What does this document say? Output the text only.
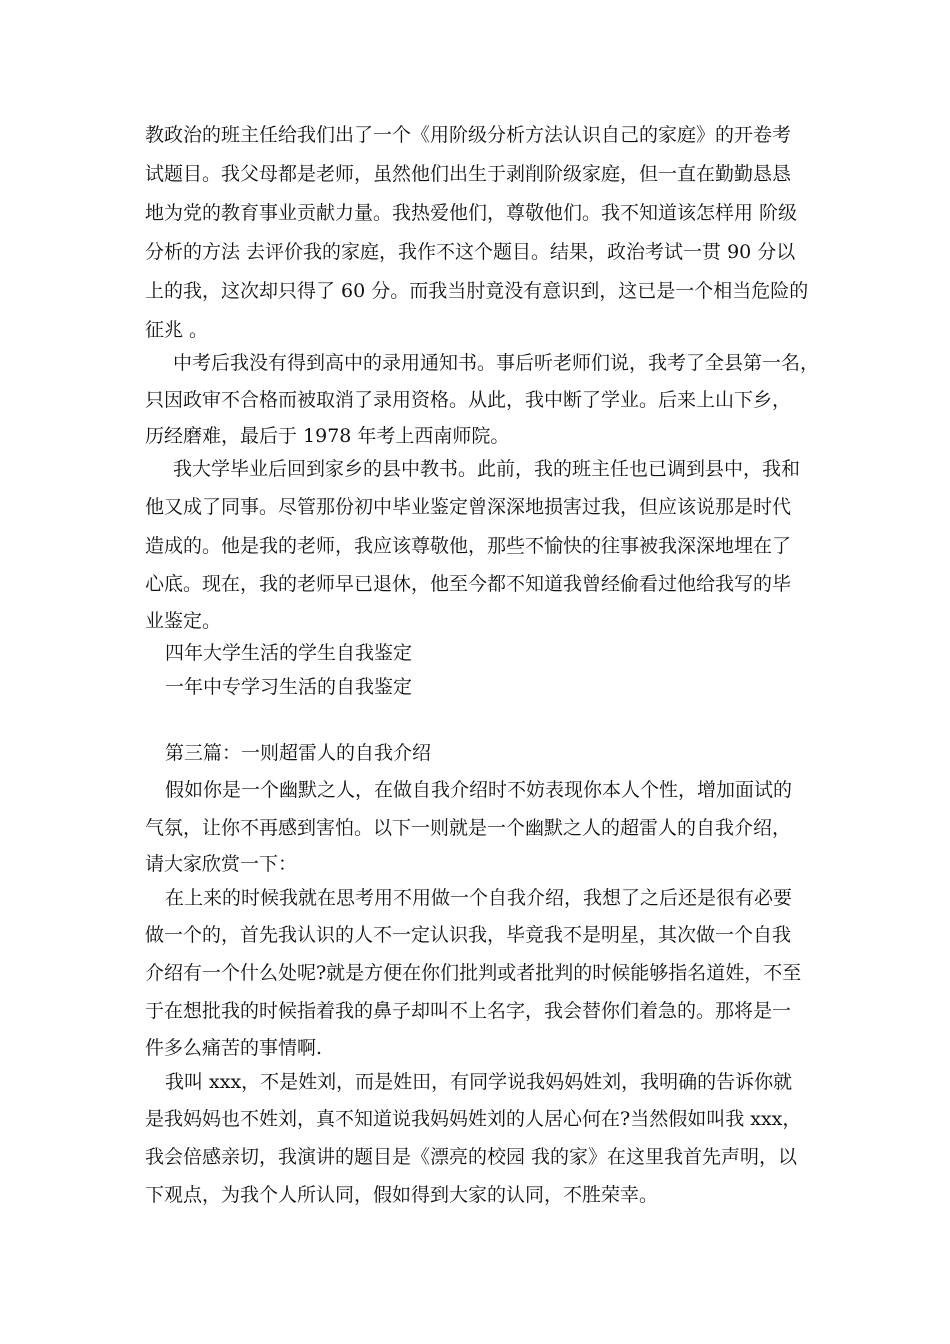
教政治的班主任给我们出了一个《用阶级分析方法认识自己的家庭》的开卷考
试题目。我父母都是老师，虽然他们出生于剥削阶级家庭，但一直在勤勤恳恳
地为党的教育事业贡献力量。我热爱他们，尊敬他们。我不知道该怎样用 阶级
分析的方法 去评价我的家庭，我作不这个题目。结果，政治考试一贯 90 分以
上的我，这次却只得了 60 分。而我当肘竟没有意识到，这已是一个相当危险的
征兆 。
中考后我没有得到高中的录用通知书。事后听老师们说，我考了全县第一名，
只因政审不合格而被取消了录用资格。从此，我中断了学业。后来上山下乡，
历经磨难，最后于 1978 年考上西南师院。
我大学毕业后回到家乡的县中教书。此前，我的班主任也已调到县中，我和
他又成了同事。尽管那份初中毕业鉴定曾深深地损害过我，但应该说那是时代
造成的。他是我的老师，我应该尊敬他，那些不愉快的往事被我深深地埋在了
心底。现在，我的老师早已退休，他至今都不知道我曾经偷看过他给我写的毕
业鉴定。
四年大学生活的学生自我鉴定
一年中专学习生活的自我鉴定
第三篇：一则超雷人的自我介绍
假如你是一个幽默之人，在做自我介绍时不妨表现你本人个性，增加面试的
气氛，让你不再感到害怕。以下一则就是一个幽默之人的超雷人的自我介绍，
请大家欣赏一下：
在上来的时候我就在思考用不用做一个自我介绍，我想了之后还是很有必要
做一个的，首先我认识的人不一定认识我，毕竟我不是明星，其次做一个自我
介绍有一个什么处呢?就是方便在你们批判或者批判的时候能够指名道姓，不至
于在想批我的时候指着我的鼻子却叫不上名字，我会替你们着急的。那将是一
件多么痛苦的事情啊.
我叫 xxx，不是姓刘，而是姓田，有同学说我妈妈姓刘，我明确的告诉你就
是我妈妈也不姓刘，真不知道说我妈妈姓刘的人居心何在?当然假如叫我 xxx，
我会倍感亲切，我演讲的题目是《漂亮的校园 我的家》在这里我首先声明，以
下观点，为我个人所认同，假如得到大家的认同，不胜荣幸。
